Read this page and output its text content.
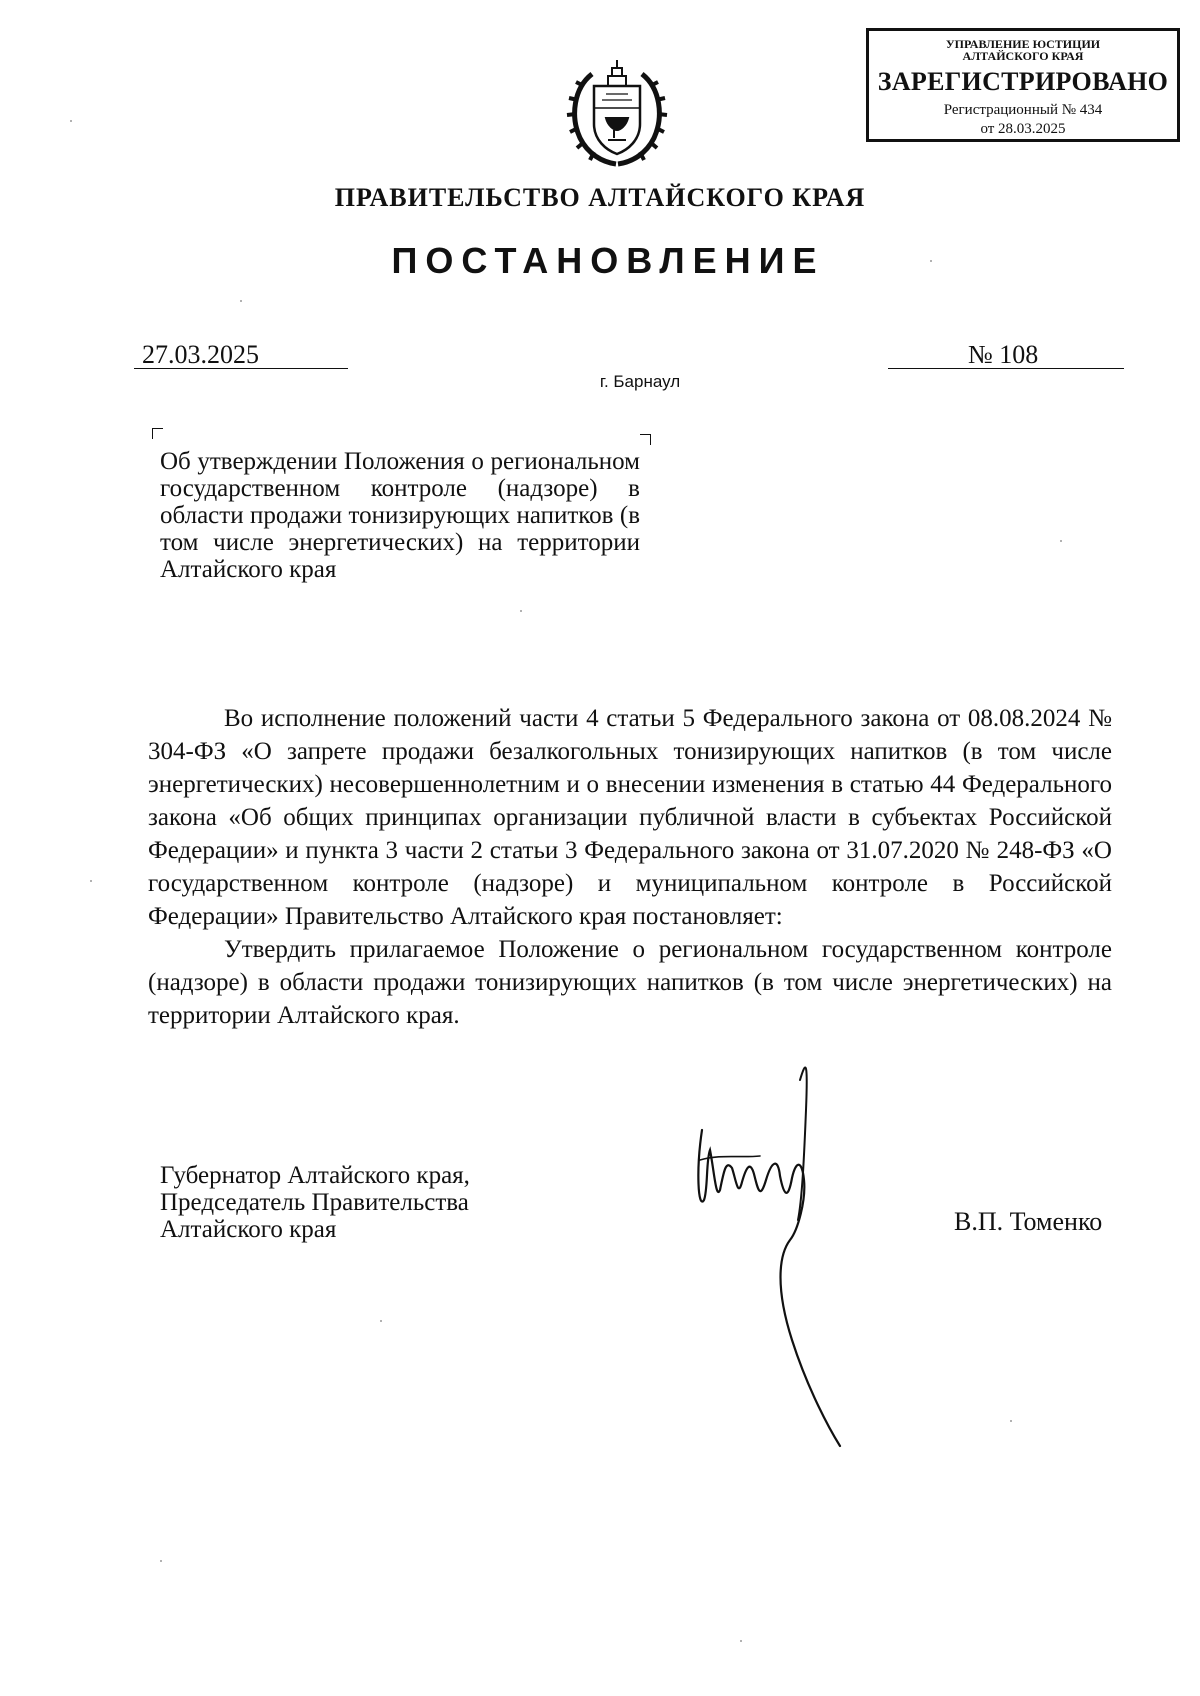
УПРАВЛЕНИЕ ЮСТИЦИИ
АЛТАЙСКОГО КРАЯ
ЗАРЕГИСТРИРОВАНО
Регистрационный № 434
от 28.03.2025
ПРАВИТЕЛЬСТВО АЛТАЙСКОГО КРАЯ
ПОСТАНОВЛЕНИЕ
27.03.2025	№ 108
г. Барнаул
Об утверждении Положения о региональном государственном контроле (надзоре) в области продажи тонизирующих напитков (в том числе энергетических) на территории Алтайского края

Во исполнение положений части 4 статьи 5 Федерального закона от 08.08.2024 № 304-ФЗ «О запрете продажи безалкогольных тонизирующих напитков (в том числе энергетических) несовершеннолетним и о внесении изменения в статью 44 Федерального закона «Об общих принципах организации публичной власти в субъектах Российской Федерации» и пункта 3 части 2 статьи 3 Федерального закона от 31.07.2020 № 248-ФЗ «О государственном контроле (надзоре) и муниципальном контроле в Российской Федерации» Правительство Алтайского края постановляет:

Утвердить прилагаемое Положение о региональном государственном контроле (надзоре) в области продажи тонизирующих напитков (в том числе энергетических) на территории Алтайского края.

Губернатор Алтайского края,
Председатель Правительства
Алтайского края	В.П. Томенко
